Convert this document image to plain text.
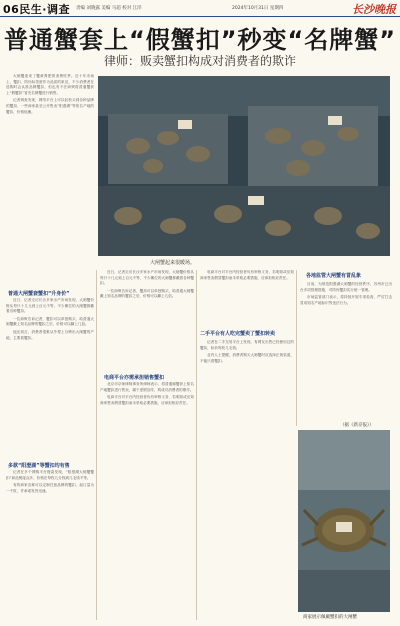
06民生·调查 责编 刘晓露 美编 马超 校对 江洋	2024年10月31日 星期四	长沙晚报
普通蟹套上“假蟹扣”秒变“名牌蟹”
律师：贩卖蟹扣构成对消费者的欺诈

大闸蟹迎来了蟹黄膏肥的消费旺季。近十年市场上，蟹扣、防伪标签被作为品质的象征，不少消费者在选购时会认准品牌蟹扣，但也有不法商贩将普通蟹套上“假蟹扣”冒充名牌蟹进行销售。

记者调查发现，网络平台上可以轻松买到各种品牌的蟹扣，一些商家甚至公开售卖“阳澄湖”等知名产地的蟹扣，价格低廉。

普通大闸蟹套蟹扣“升身价”

近日，记者走访长沙多家水产市场发现，大闸蟹价格从每只十几元到上百元不等，不少摊位的大闸蟹都戴着各种蟹扣。

一位商贩告诉记者，蟹扣可以单独购买，给普通大闸蟹戴上知名品牌的蟹扣之后，价格可以翻上几倍。

他还坦言，消费者很难从外观上分辨出大闸蟹的产地，主要看蟹扣。

多款“阳澄湖”等蟹扣均有售

记者在多个网购平台搜索发现，“阳澄湖大闸蟹蟹扣”商品链接众多，价格在每枚几分钱到几毛钱不等。

有的商家宣称可以定制任意品牌的蟹扣，起订量为一千枚，并承诺发货迅速。

大闸蟹起来很暖场。

近日，记者走访长沙多家水产市场发现，大闸蟹价格从每只十几元到上百元不等，不少摊位的大闸蟹都戴着各种蟹扣。

一位商贩告诉记者，蟹扣可以单独购买，给普通大闸蟹戴上知名品牌的蟹扣之后，价格可以翻上几倍。

电商平台亦需承担销售蟹扣

北京市京师律师事务所律师表示，将普通螃蟹套上知名产地蟹扣进行售卖，属于虚假宣传，构成对消费者的欺诈。

电商平台对平台内经营者负有审核义务，若明知或应知商家售卖假冒蟹扣而未采取必要措施，应承担相应责任。

电商平台对平台内经营者负有审核义务，若明知或应知商家售卖假冒蟹扣而未采取必要措施，应承担相应责任。

二手平台有人吃完蟹卖了蟹扣转卖

记者在二手交易平台上发现，有网友出售已经使用过的蟹扣，标价每枚几毛钱。

业内人士提醒，消费者购买大闸蟹时应选择正规渠道，不能只看蟹扣。

各地监管大闸蟹有冒乱象

目前，为规范阳澄湖大闸蟹的经营秩序，苏州市已出台多项管理措施，对防伪蟹扣实行统一管理。

市场监管部门表示，将持续开展专项检查，严厉打击冒用知名产地标识等违法行为。

（据《新京报》）
商家展示佩戴蟹扣的大闸蟹
